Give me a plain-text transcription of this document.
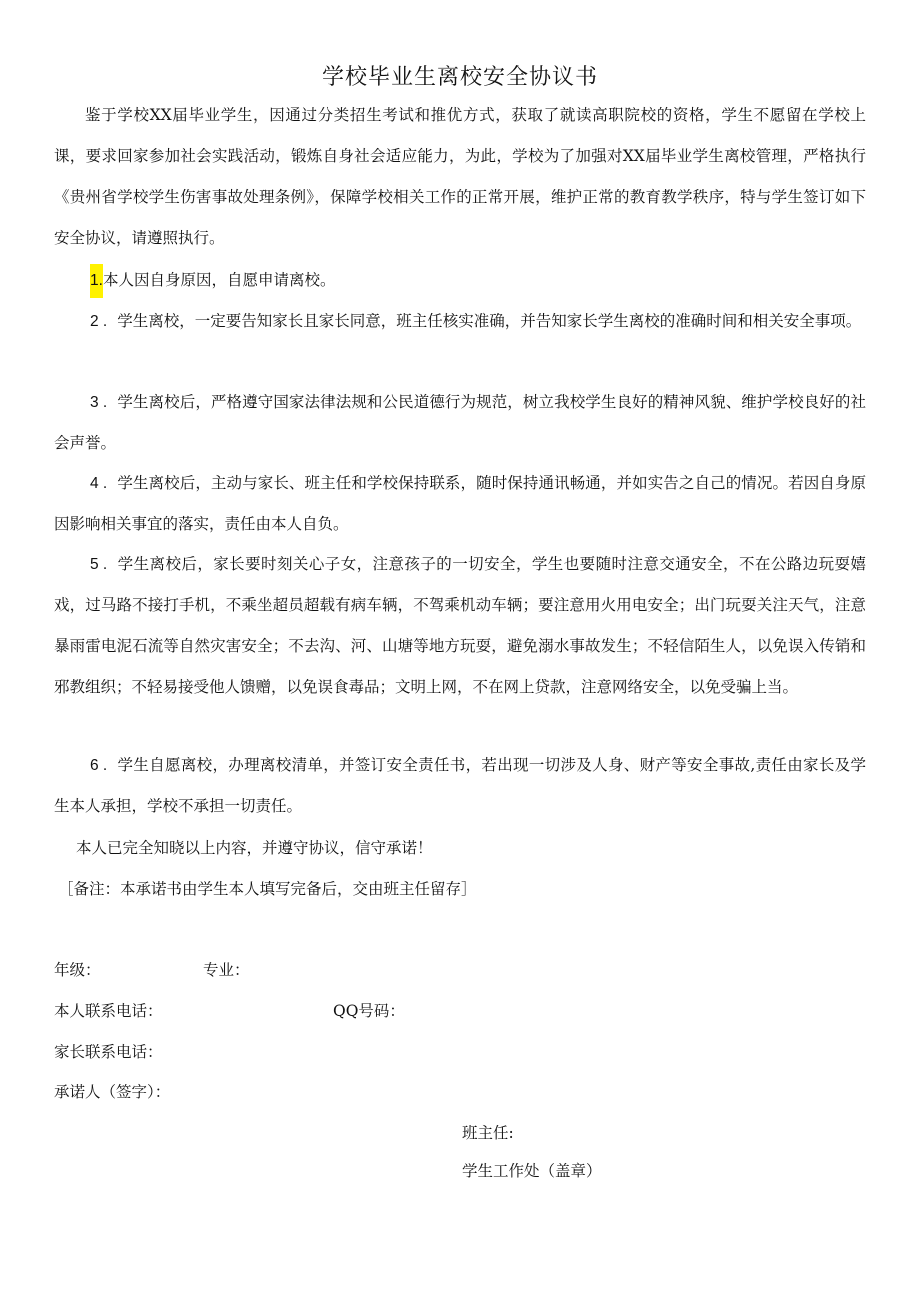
学校毕业生离校安全协议书

鉴于学校XX届毕业学生，因通过分类招生考试和推优方式，获取了就读高职院校的资格，学生不愿留在学校上课，要求回家参加社会实践活动，锻炼自身社会适应能力，为此，学校为了加强对XX届毕业学生离校管理，严格执行《贵州省学校学生伤害事故处理条例》，保障学校相关工作的正常开展，维护正常的教育教学秩序，特与学生签订如下安全协议，请遵照执行。

1.本人因自身原因，自愿申请离校。

2 . 学生离校，一定要告知家长且家长同意，班主任核实准确，并告知家长学生离校的准确时间和相关安全事项。

3 . 学生离校后，严格遵守国家法律法规和公民道德行为规范，树立我校学生良好的精神风貌、维护学校良好的社会声誉。

4 . 学生离校后，主动与家长、班主任和学校保持联系，随时保持通讯畅通，并如实告之自己的情况。若因自身原因影响相关事宜的落实，责任由本人自负。

5 . 学生离校后，家长要时刻关心子女，注意孩子的一切安全，学生也要随时注意交通安全，不在公路边玩耍嬉戏，过马路不接打手机，不乘坐超员超载有病车辆，不驾乘机动车辆；要注意用火用电安全；出门玩耍关注天气，注意暴雨雷电泥石流等自然灾害安全；不去沟、河、山塘等地方玩耍，避免溺水事故发生；不轻信陌生人，以免误入传销和邪教组织；不轻易接受他人馈赠，以免误食毒品；文明上网，不在网上贷款，注意网络安全，以免受骗上当。

6 . 学生自愿离校，办理离校清单，并签订安全责任书，若出现一切涉及人身、财产等安全事故,责任由家长及学生本人承担，学校不承担一切责任。

本人已完全知晓以上内容，并遵守协议，信守承诺！
［备注：本承诺书由学生本人填写完备后，交由班主任留存］
年级：	专业：
本人联系电话：	QQ号码：
家长联系电话：
承诺人（签字）：
班主任:
学生工作处（盖章）
